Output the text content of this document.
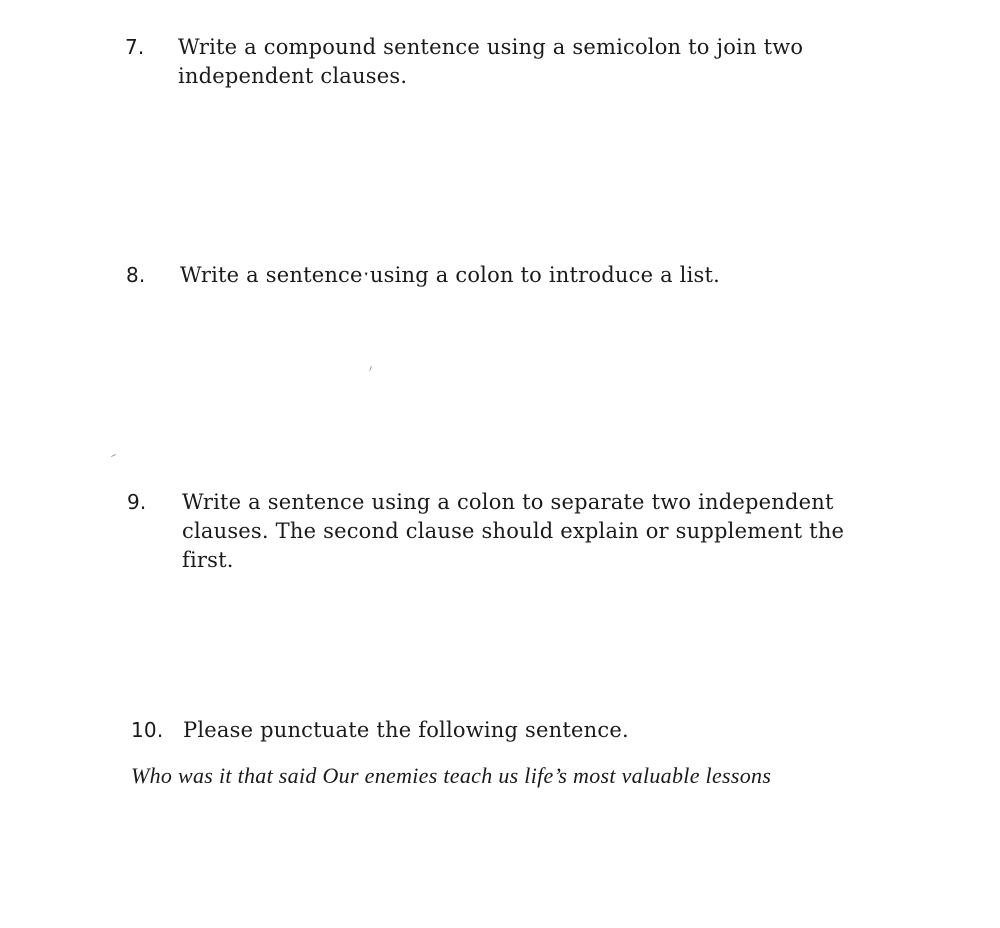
7. Write a compound sentence using a semicolon to join two
independent clauses.
8. Write a sentenceˑusing a colon to introduce a list.
9. Write a sentence using a colon to separate two independent
clauses. The second clause should explain or supplement the
first.
10. Please punctuate the following sentence.
Who was it that said Our enemies teach us life’s most valuable lessons
